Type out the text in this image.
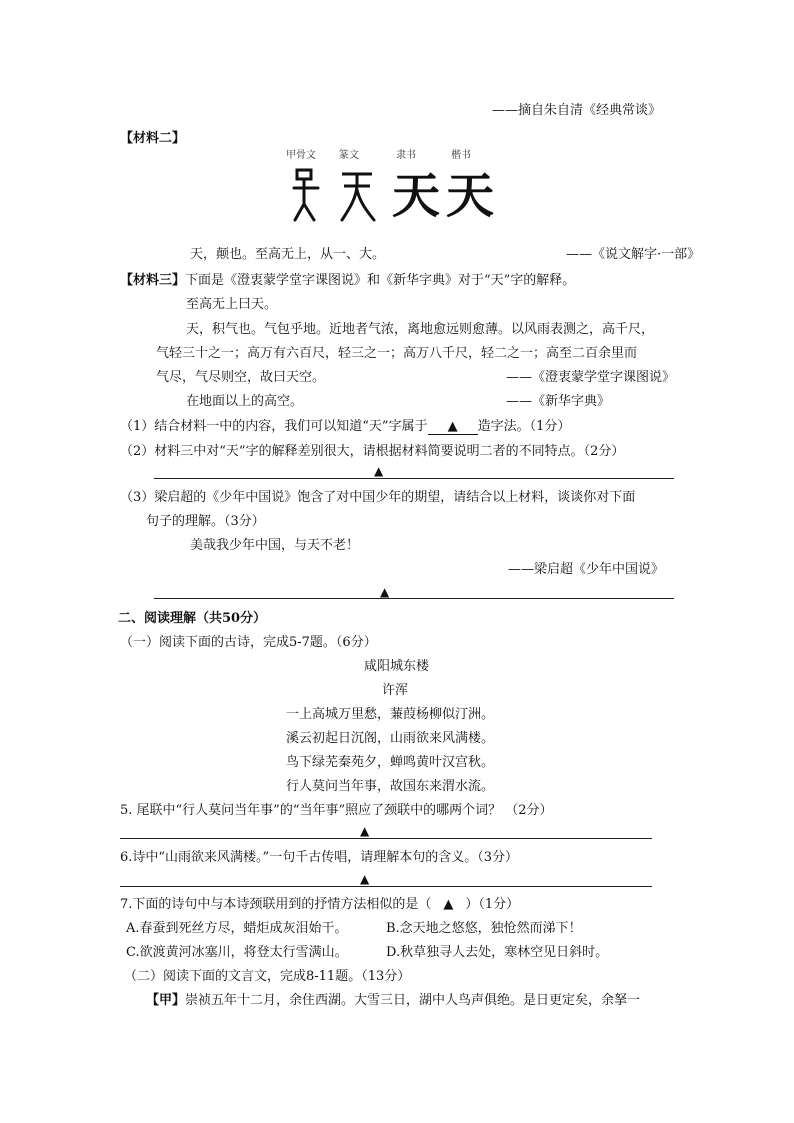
——摘自朱自清《经典常谈》
【材料二】
甲骨文 篆文	隶书	楷书
天 天
天，颠也。至高无上，从一、大。	——《说文解字·一部》
【材料三】下面是《澄衷蒙学堂字课图说》和《新华字典》对于“天”字的解释。
至高无上曰天。
天，积气也。气包乎地。近地者气浓，离地愈远则愈薄。以风雨表测之，高千尺，
气轻三十之一；高万有六百尺，轻三之一；高万八千尺，轻二之一；高至二百余里而
气尽，气尽则空，故曰天空。	——《澄衷蒙学堂字课图说》
在地面以上的高空。	——《新华字典》
（1）结合材料一中的内容，我们可以知道“天”字属于 ▲ 造字法。（1分）
（2）材料三中对“天”字的解释差别很大，请根据材料简要说明二者的不同特点。（2分）
▲
（3）梁启超的《少年中国说》饱含了对中国少年的期望，请结合以上材料，谈谈你对下面
句子的理解。（3分）
美哉我少年中国，与天不老！
——梁启超《少年中国说》
▲
二、阅读理解（共50分）
（一）阅读下面的古诗，完成5-7题。（6分）
咸阳城东楼
许浑
一上高城万里愁，蒹葭杨柳似汀洲。
溪云初起日沉阁，山雨欲来风满楼。
鸟下绿芜秦苑夕，蝉鸣黄叶汉宫秋。
行人莫问当年事，故国东来渭水流。
5. 尾联中“行人莫问当年事”的“当年事”照应了颈联中的哪两个词？ （2分）
▲
6.诗中“山雨欲来风满楼。”一句千古传唱，请理解本句的含义。（3分）
▲
7.下面的诗句中与本诗颈联用到的抒情方法相似的是（ ▲ ）（1分）
A.春蚕到死丝方尽，蜡炬成灰泪始干。	B.念天地之悠悠，独怆然而涕下！
C.欲渡黄河冰塞川，将登太行雪满山。	D.秋草独寻人去处，寒林空见日斜时。
（二）阅读下面的文言文，完成8-11题。（13分）
【甲】崇祯五年十二月，余住西湖。大雪三日，湖中人鸟声俱绝。是日更定矣，余拏一
